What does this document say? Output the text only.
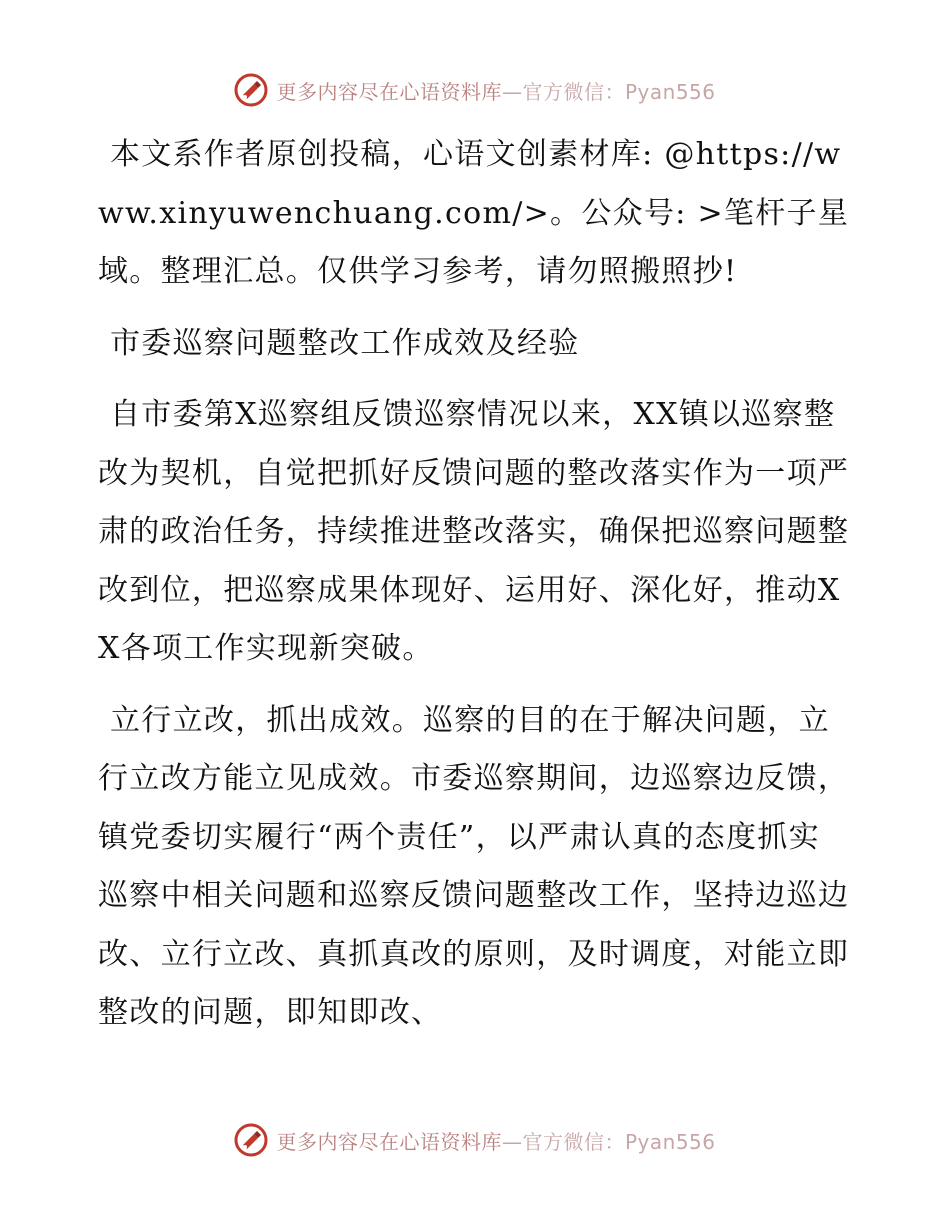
更多内容尽在心语资料库—官方微信：Pyan556

本文系作者原创投稿，心语文创素材库: @https://www.xinyuwenchuang.com/>。公众号: >笔杆子星域。整理汇总。仅供学习参考，请勿照搬照抄!

市委巡察问题整改工作成效及经验

自市委第X巡察组反馈巡察情况以来，XX镇以巡察整改为契机，自觉把抓好反馈问题的整改落实作为一项严肃的政治任务，持续推进整改落实，确保把巡察问题整改到位，把巡察成果体现好、运用好、深化好，推动XX各项工作实现新突破。

立行立改，抓出成效。巡察的目的在于解决问题，立行立改方能立见成效。市委巡察期间，边巡察边反馈，镇党委切实履行“两个责任”，以严肃认真的态度抓实巡察中相关问题和巡察反馈问题整改工作，坚持边巡边改、立行立改、真抓真改的原则，及时调度，对能立即整改的问题，即知即改、

更多内容尽在心语资料库—官方微信：Pyan556
